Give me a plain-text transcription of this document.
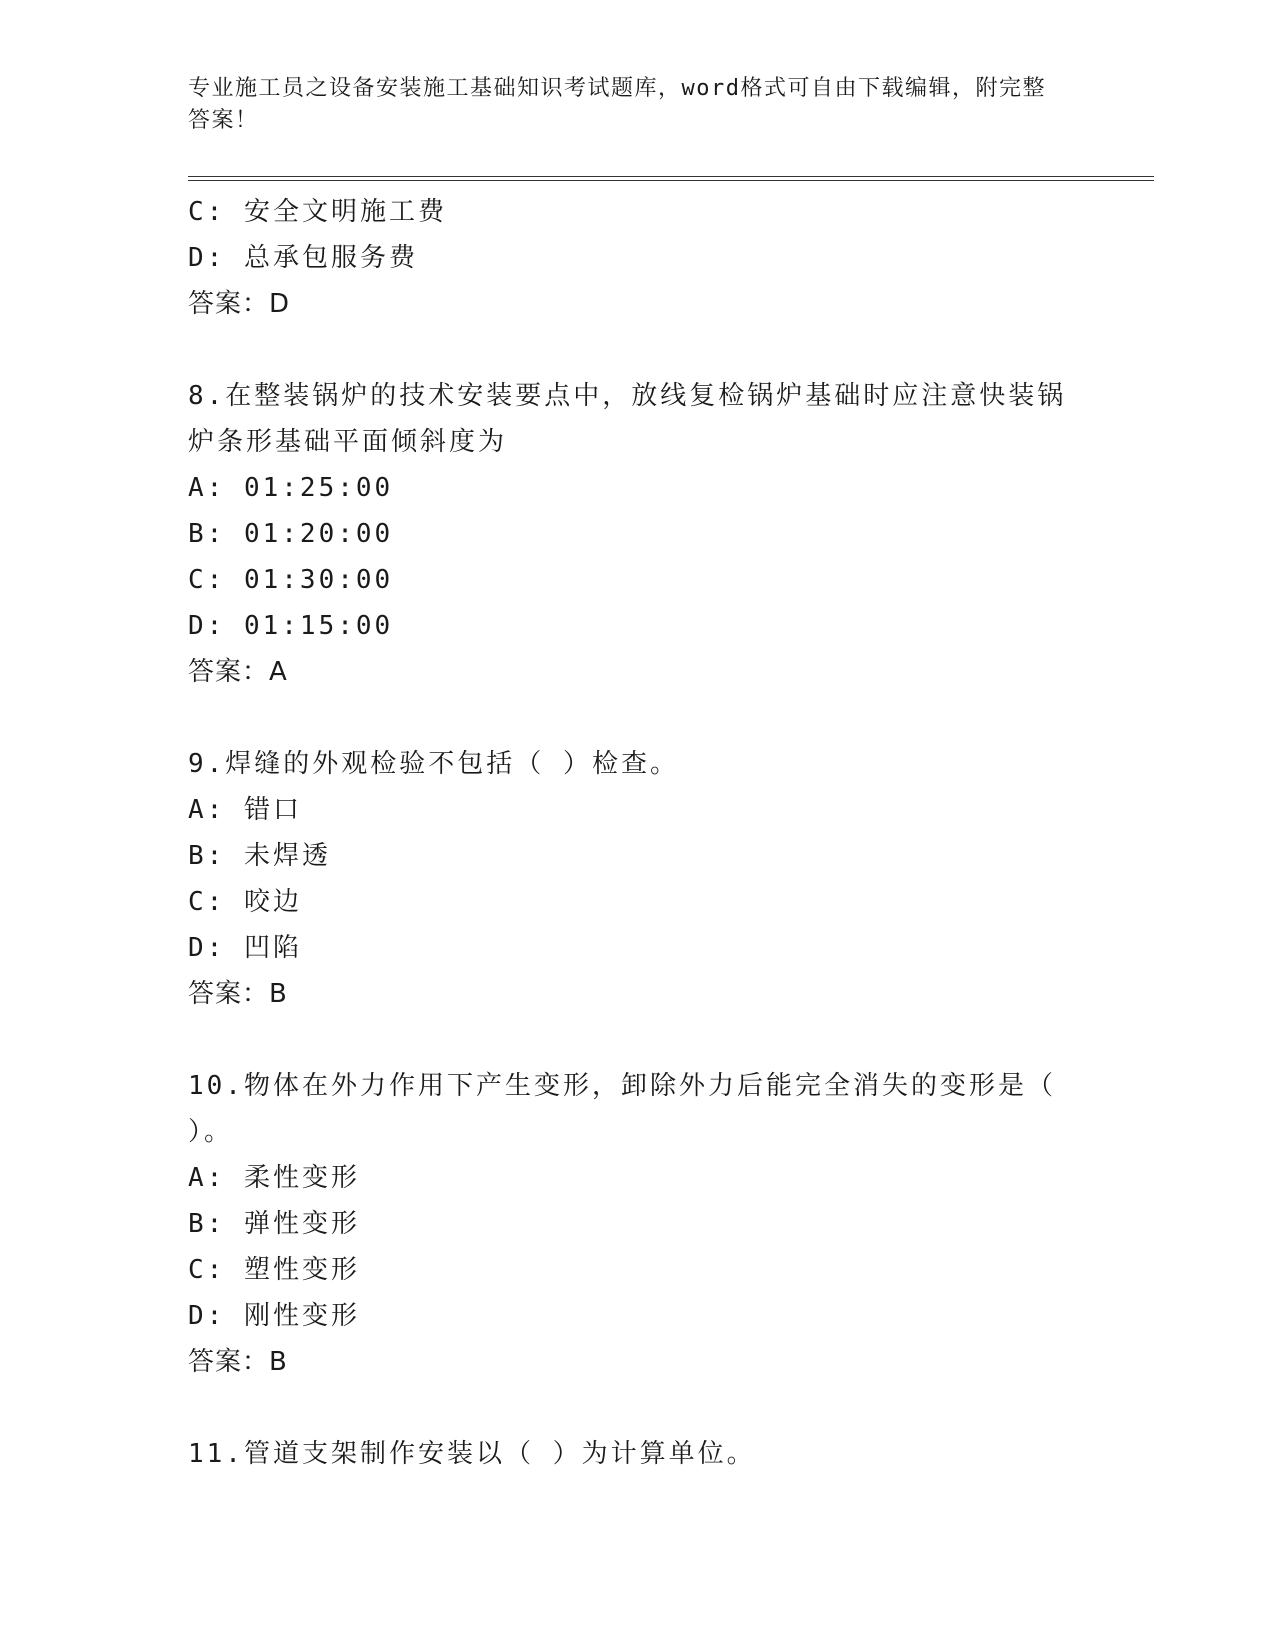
专业施工员之设备安装施工基础知识考试题库，word格式可自由下载编辑，附完整答案！
C: 安全文明施工费
D: 总承包服务费
答案：D
8.在整装锅炉的技术安装要点中，放线复检锅炉基础时应注意快装锅炉条形基础平面倾斜度为
A: 01:25:00
B: 01:20:00
C: 01:30:00
D: 01:15:00
答案：A
9.焊缝的外观检验不包括（ ）检查。
A: 错口
B: 未焊透
C: 咬边
D: 凹陷
答案：B
10.物体在外力作用下产生变形，卸除外力后能完全消失的变形是（ ）。
A: 柔性变形
B: 弹性变形
C: 塑性变形
D: 刚性变形
答案：B
11.管道支架制作安装以（ ）为计算单位。
